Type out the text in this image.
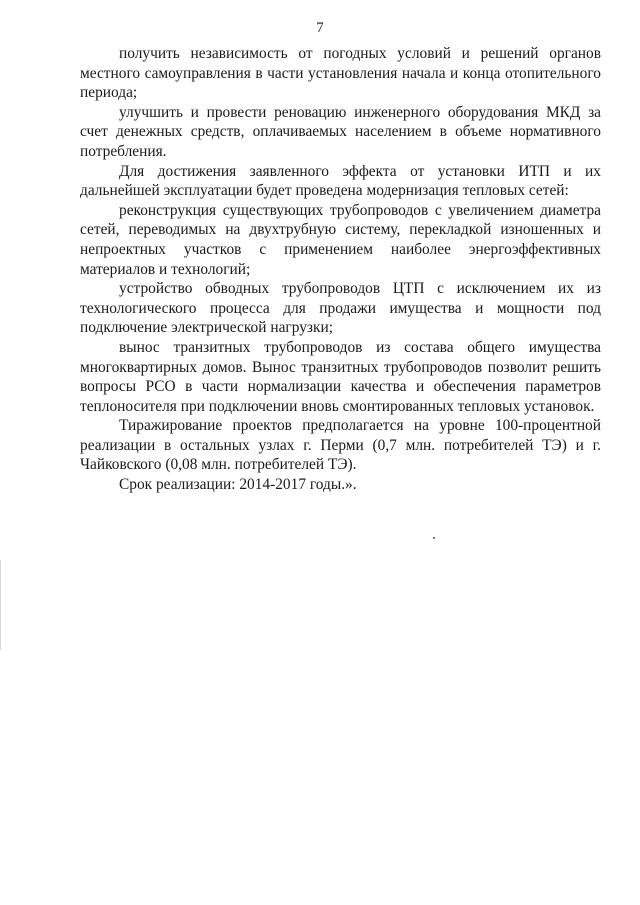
7

получить независимость от погодных условий и решений органов местного самоуправления в части установления начала и конца отопительного периода;

улучшить и провести реновацию инженерного оборудования МКД за счет денежных средств, оплачиваемых населением в объеме нормативного потребления.

Для достижения заявленного эффекта от установки ИТП и их дальнейшей эксплуатации будет проведена модернизация тепловых сетей:

реконструкция существующих трубопроводов с увеличением диаметра сетей, переводимых на двухтрубную систему, перекладкой изношенных и непроектных участков с применением наиболее энергоэффективных материалов и технологий;

устройство обводных трубопроводов ЦТП с исключением их из технологического процесса для продажи имущества и мощности под подключение электрической нагрузки;

вынос транзитных трубопроводов из состава общего имущества многоквартирных домов. Вынос транзитных трубопроводов позволит решить вопросы РСО в части нормализации качества и обеспечения параметров теплоносителя при подключении вновь смонтированных тепловых установок.

Тиражирование проектов предполагается на уровне 100-процентной реализации в остальных узлах г. Перми (0,7 млн. потребителей ТЭ) и г. Чайковского (0,08 млн. потребителей ТЭ).

Срок реализации: 2014-2017 годы.».
